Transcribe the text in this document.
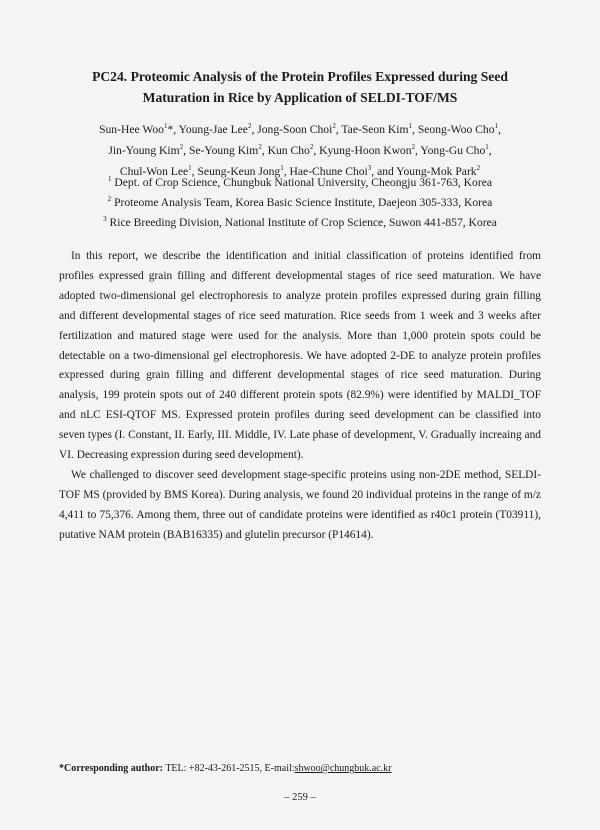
PC24. Proteomic Analysis of the Protein Profiles Expressed during Seed
Maturation in Rice by Application of SELDI-TOF/MS
Sun-Hee Woo$^1$*, Young-Jae Lee$^2$, Jong-Soon Choi$^2$, Tae-Seon Kim$^1$, Seong-Woo Cho$^1$,
Jin-Young Kim$^2$, Se-Young Kim$^2$, Kun Cho$^2$, Kyung-Hoon Kwon$^2$, Yong-Gu Cho$^1$,
Chul-Won Lee$^1$, Seung-Keun Jong$^1$, Hae-Chune Choi$^3$, and Young-Mok Park$^2$
$^1$ Dept. of Crop Science, Chungbuk National University, Cheongju 361-763, Korea
$^2$ Proteome Analysis Team, Korea Basic Science Institute, Daejeon 305-333, Korea
$^3$ Rice Breeding Division, National Institute of Crop Science, Suwon 441-857, Korea

In this report, we describe the identification and initial classification of proteins identified from profiles expressed grain filling and different developmental stages of rice seed maturation. We have adopted two-dimensional gel electrophoresis to analyze protein profiles expressed during grain filling and different developmental stages of rice seed maturation. Rice seeds from 1 week and 3 weeks after fertilization and matured stage were used for the analysis. More than 1,000 protein spots could be detectable on a two-dimensional gel electrophoresis. We have adopted 2-DE to analyze protein profiles expressed during grain filling and different developmental stages of rice seed maturation. During analysis, 199 protein spots out of 240 different protein spots (82.9%) were identified by MALDI_TOF and nLC ESI-QTOF MS. Expressed protein profiles during seed development can be classified into seven types (I. Constant, II. Early, III. Middle, IV. Late phase of development, V. Gradually increaing and VI. Decreasing expression during seed development).

We challenged to discover seed development stage-specific proteins using non-2DE method, SELDI-TOF MS (provided by BMS Korea). During analysis, we found 20 individual proteins in the range of m/z 4,411 to 75,376. Among them, three out of candidate proteins were identified as r40c1 protein (T03911), putative NAM protein (BAB16335) and glutelin precursor (P14614).

*Corresponding author: TEL: +82-43-261-2515, E-mail:shwoo@chungbuk.ac.kr
– 259 –
